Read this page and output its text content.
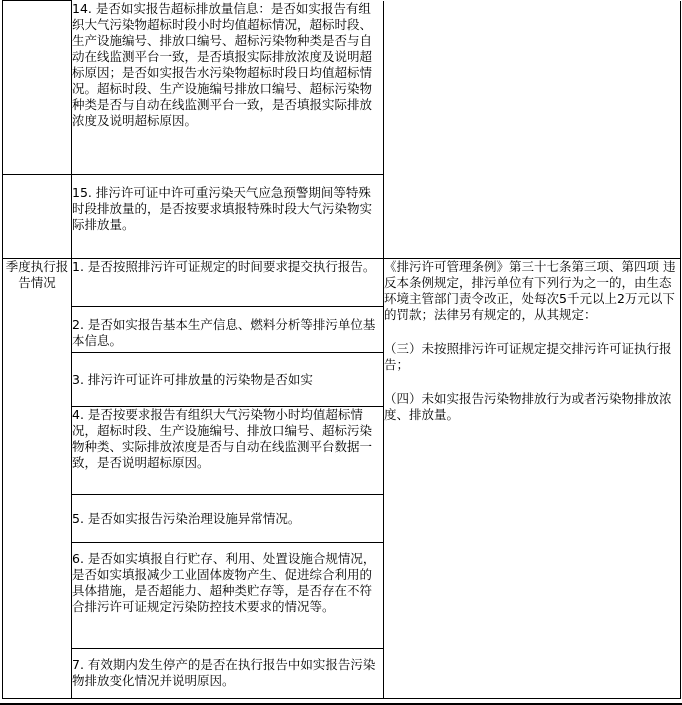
	14. 是否如实报告超标排放量信息：是否如实报告有组织大气污染物超标时段小时均值超标情况，超标时段、生产设施编号、排放口编号、超标污染物种类是否与自动在线监测平台一致，是否填报实际排放浓度及说明超标原因；是否如实报告水污染物超标时段日均值超标情况。超标时段、生产设施编号排放口编号、超标污染物种类是否与自动在线监测平台一致，是否填报实际排放浓度及说明超标原因。	

	15. 排污许可证中许可重污染天气应急预警期间等特殊时段排放量的，是否按要求填报特殊时段大气污染物实际排放量。	

季度执行报告情况	1. 是否按照排污许可证规定的时间要求提交执行报告。	《排污许可管理条例》第三十七条第三项、第四项 违反本条例规定，排污单位有下列行为之一的，由生态环境主管部门责令改正，处每次5千元以上2万元以下的罚款；法律另有规定的，从其规定：

（三）未按照排污许可证规定提交排污许可证执行报告；

（四）未如实报告污染物排放行为或者污染物排放浓度、排放量。

	2. 是否如实报告基本生产信息、燃料分析等排污单位基本信息。	

	3. 排污许可证许可排放量的污染物是否如实	

	4. 是否按要求报告有组织大气污染物小时均值超标情况，超标时段、生产设施编号、排放口编号、超标污染物种类、实际排放浓度是否与自动在线监测平台数据一致，是否说明超标原因。	

	5. 是否如实报告污染治理设施异常情况。	

	6. 是否如实填报自行贮存、利用、处置设施合规情况，是否如实填报减少工业固体废物产生、促进综合利用的具体措施，是否超能力、超种类贮存等，是否存在不符合排污许可证规定污染防控技术要求的情况等。	

	7. 有效期内发生停产的是否在执行报告中如实报告污染物排放变化情况并说明原因。	
